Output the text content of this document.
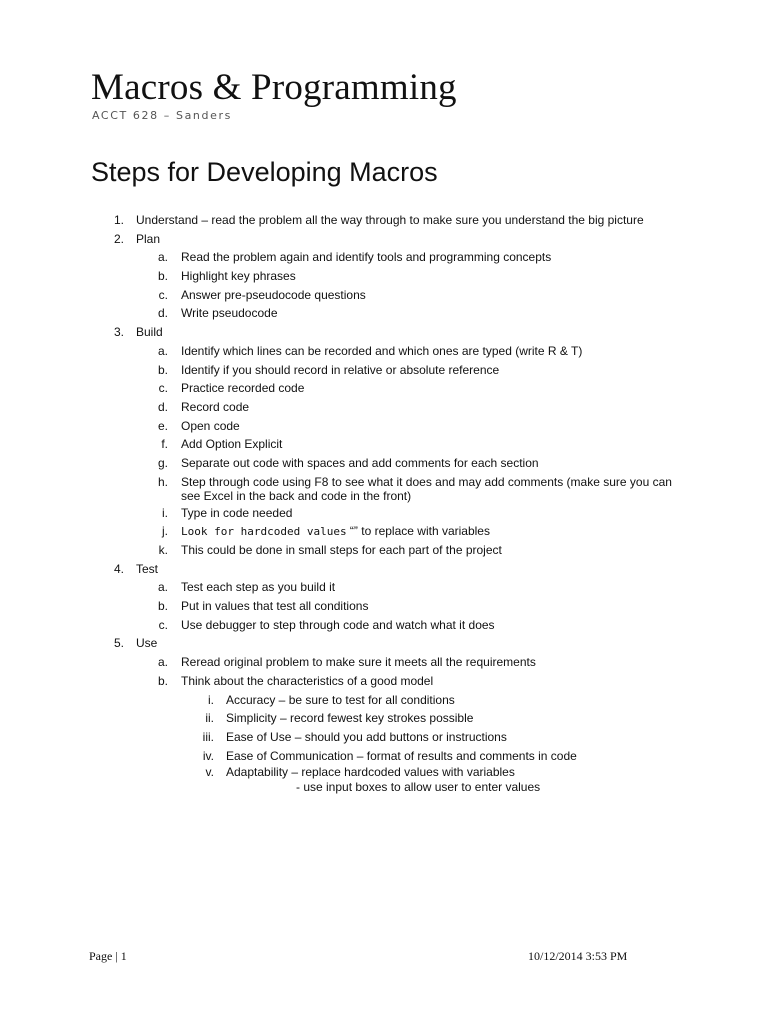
Macros & Programming
ACCT 628 – Sanders
Steps for Developing Macros
1. Understand – read the problem all the way through to make sure you understand the big picture
2. Plan
a. Read the problem again and identify tools and programming concepts
b. Highlight key phrases
c. Answer pre-pseudocode questions
d. Write pseudocode
3. Build
a. Identify which lines can be recorded and which ones are typed (write R & T)
b. Identify if you should record in relative or absolute reference
c. Practice recorded code
d. Record code
e. Open code
f. Add Option Explicit
g. Separate out code with spaces and add comments for each section
h. Step through code using F8 to see what it does and may add comments (make sure you can see Excel in the back and code in the front)
i. Type in code needed
j. Look for hardcoded values “” to replace with variables
k. This could be done in small steps for each part of the project
4. Test
a. Test each step as you build it
b. Put in values that test all conditions
c. Use debugger to step through code and watch what it does
5. Use
a. Reread original problem to make sure it meets all the requirements
b. Think about the characteristics of a good model
i. Accuracy – be sure to test for all conditions
ii. Simplicity – record fewest key strokes possible
iii. Ease of Use – should you add buttons or instructions
iv. Ease of Communication – format of results and comments in code
v. Adaptability – replace hardcoded values with variables
- use input boxes to allow user to enter values
Page | 1	10/12/2014 3:53 PM
